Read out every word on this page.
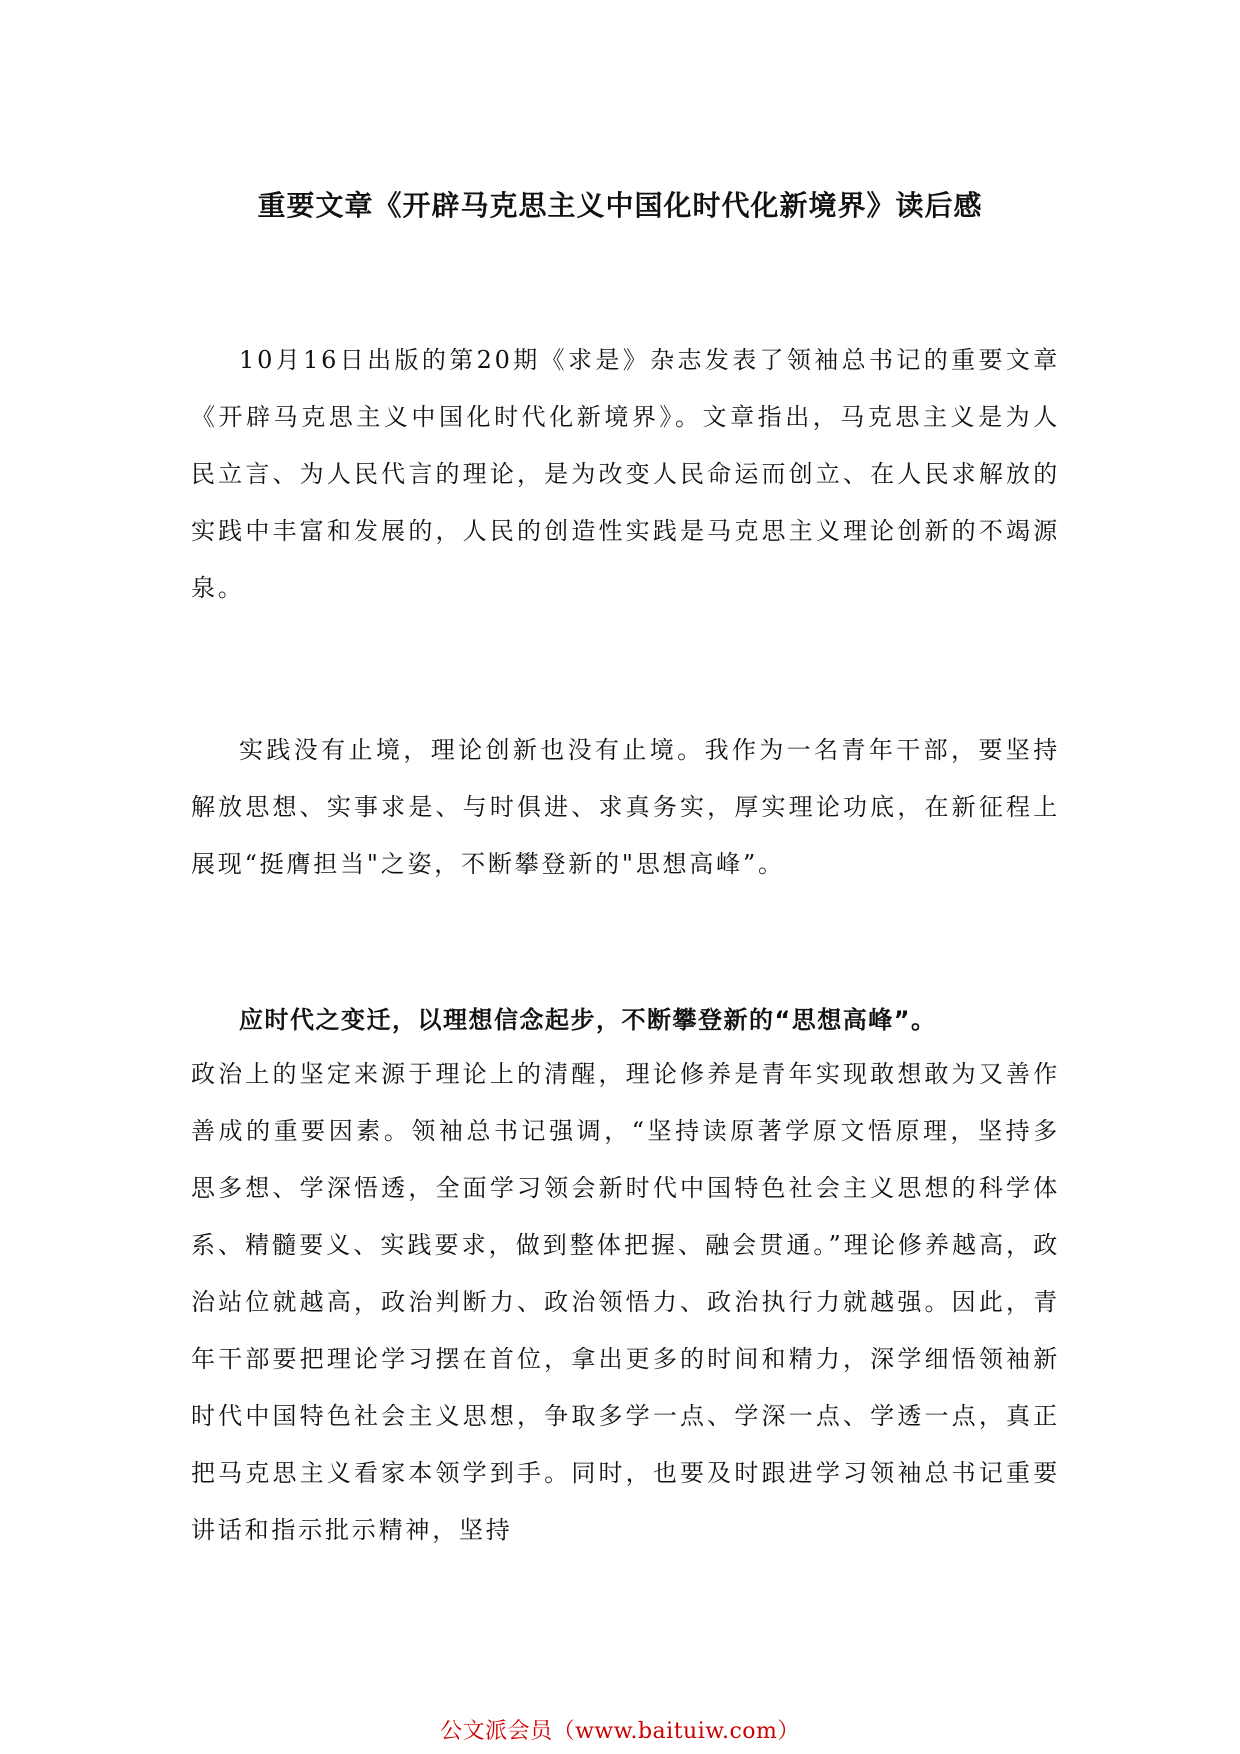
重要文章《开辟马克思主义中国化时代化新境界》读后感
10月16日出版的第20期《求是》杂志发表了领袖总书记的重要文章《开辟马克思主义中国化时代化新境界》。文章指出，马克思主义是为人民立言、为人民代言的理论，是为改变人民命运而创立、在人民求解放的实践中丰富和发展的，人民的创造性实践是马克思主义理论创新的不竭源泉。
实践没有止境，理论创新也没有止境。我作为一名青年干部，要坚持解放思想、实事求是、与时俱进、求真务实，厚实理论功底，在新征程上展现“挺膺担当"之姿，不断攀登新的"思想高峰”。
应时代之变迁，以理想信念起步，不断攀登新的“思想高峰”。
政治上的坚定来源于理论上的清醒，理论修养是青年实现敢想敢为又善作善成的重要因素。领袖总书记强调，“坚持读原著学原文悟原理，坚持多思多想、学深悟透，全面学习领会新时代中国特色社会主义思想的科学体系、精髓要义、实践要求，做到整体把握、融会贯通。”理论修养越高，政治站位就越高，政治判断力、政治领悟力、政治执行力就越强。因此，青年干部要把理论学习摆在首位，拿出更多的时间和精力，深学细悟领袖新时代中国特色社会主义思想，争取多学一点、学深一点、学透一点，真正把马克思主义看家本领学到手。同时，也要及时跟进学习领袖总书记重要讲话和指示批示精神，坚持
公文派会员（www.baituiw.com）
